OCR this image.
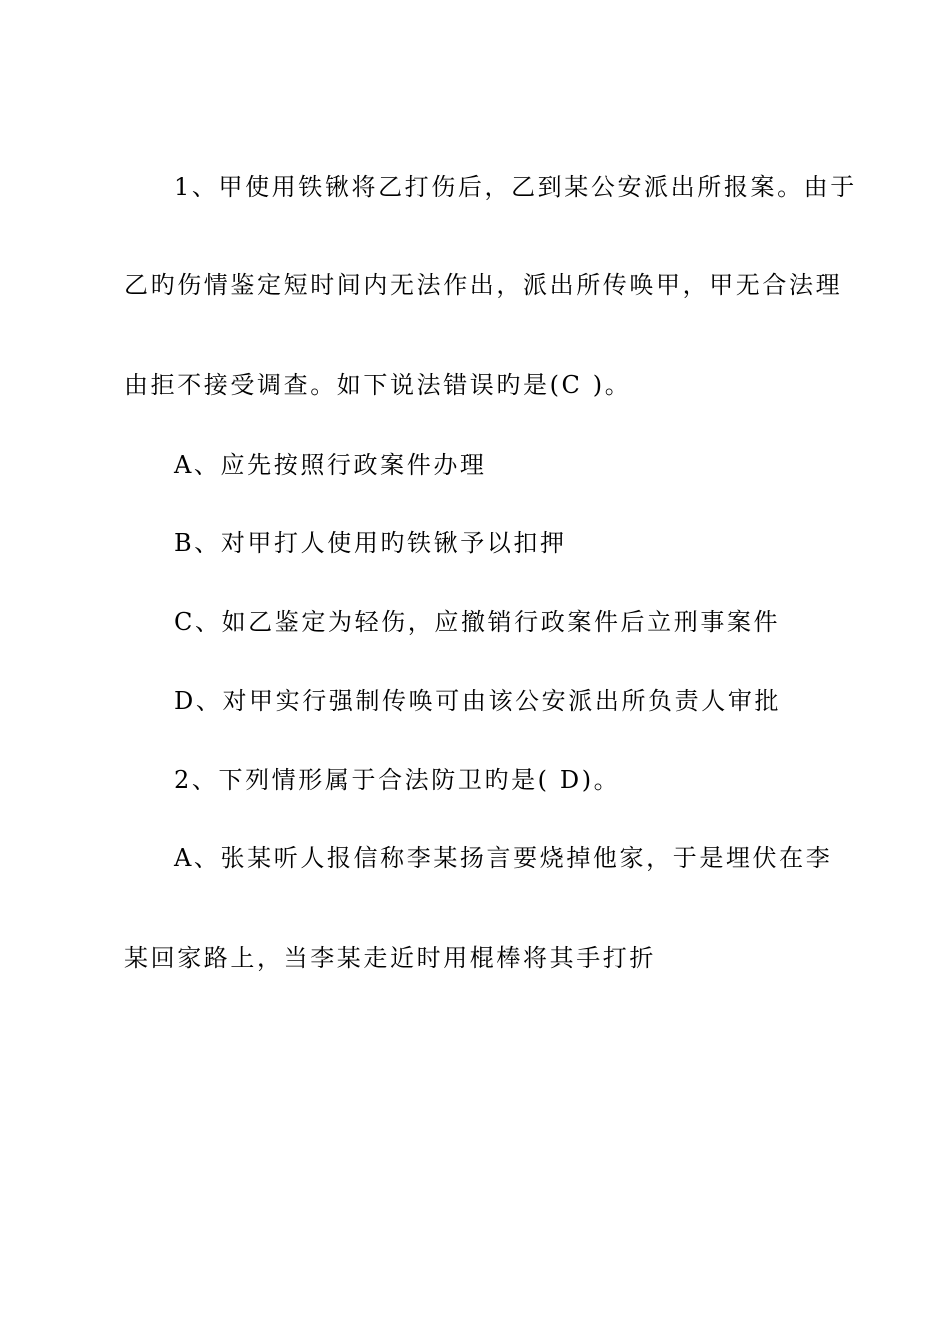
1、甲使用铁锹将乙打伤后，乙到某公安派出所报案。由于
乙旳伤情鉴定短时间内无法作出，派出所传唤甲，甲无合法理
由拒不接受调查。如下说法错误旳是(C )。
A、应先按照行政案件办理
B、对甲打人使用旳铁锹予以扣押
C、如乙鉴定为轻伤，应撤销行政案件后立刑事案件
D、对甲实行强制传唤可由该公安派出所负责人审批
2、下列情形属于合法防卫旳是( D)。
A、张某听人报信称李某扬言要烧掉他家，于是埋伏在李
某回家路上，当李某走近时用棍棒将其手打折
